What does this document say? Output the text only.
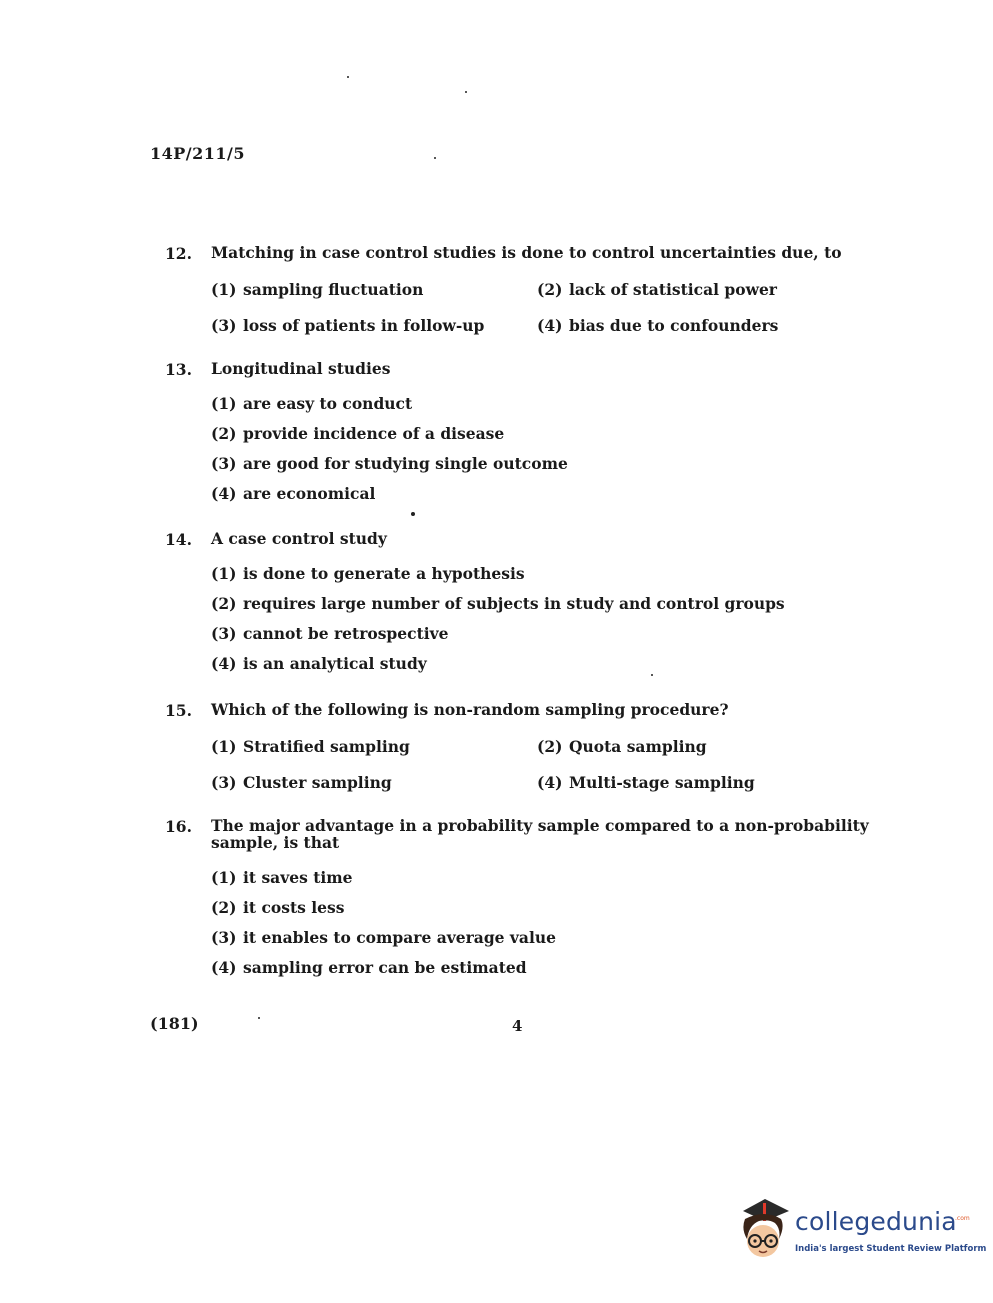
14P/211/5
12.	Matching in case control studies is done to control uncertainties due, to
(1) sampling fluctuation	(2) lack of statistical power
(3) loss of patients in follow-up	(4) bias due to confounders
13.	Longitudinal studies
(1) are easy to conduct
(2) provide incidence of a disease
(3) are good for studying single outcome
(4) are economical
14.	A case control study
(1) is done to generate a hypothesis
(2) requires large number of subjects in study and control groups
(3) cannot be retrospective
(4) is an analytical study
15.	Which of the following is non-random sampling procedure?
(1) Stratified sampling	(2) Quota sampling
(3) Cluster sampling	(4) Multi-stage sampling
16.	The major advantage in a probability sample compared to a non-probability sample, is that
(1) it saves time
(2) it costs less
(3) it enables to compare average value
(4) sampling error can be estimated
(181)	4
collegedunia
.com
India's largest Student Review Platform
